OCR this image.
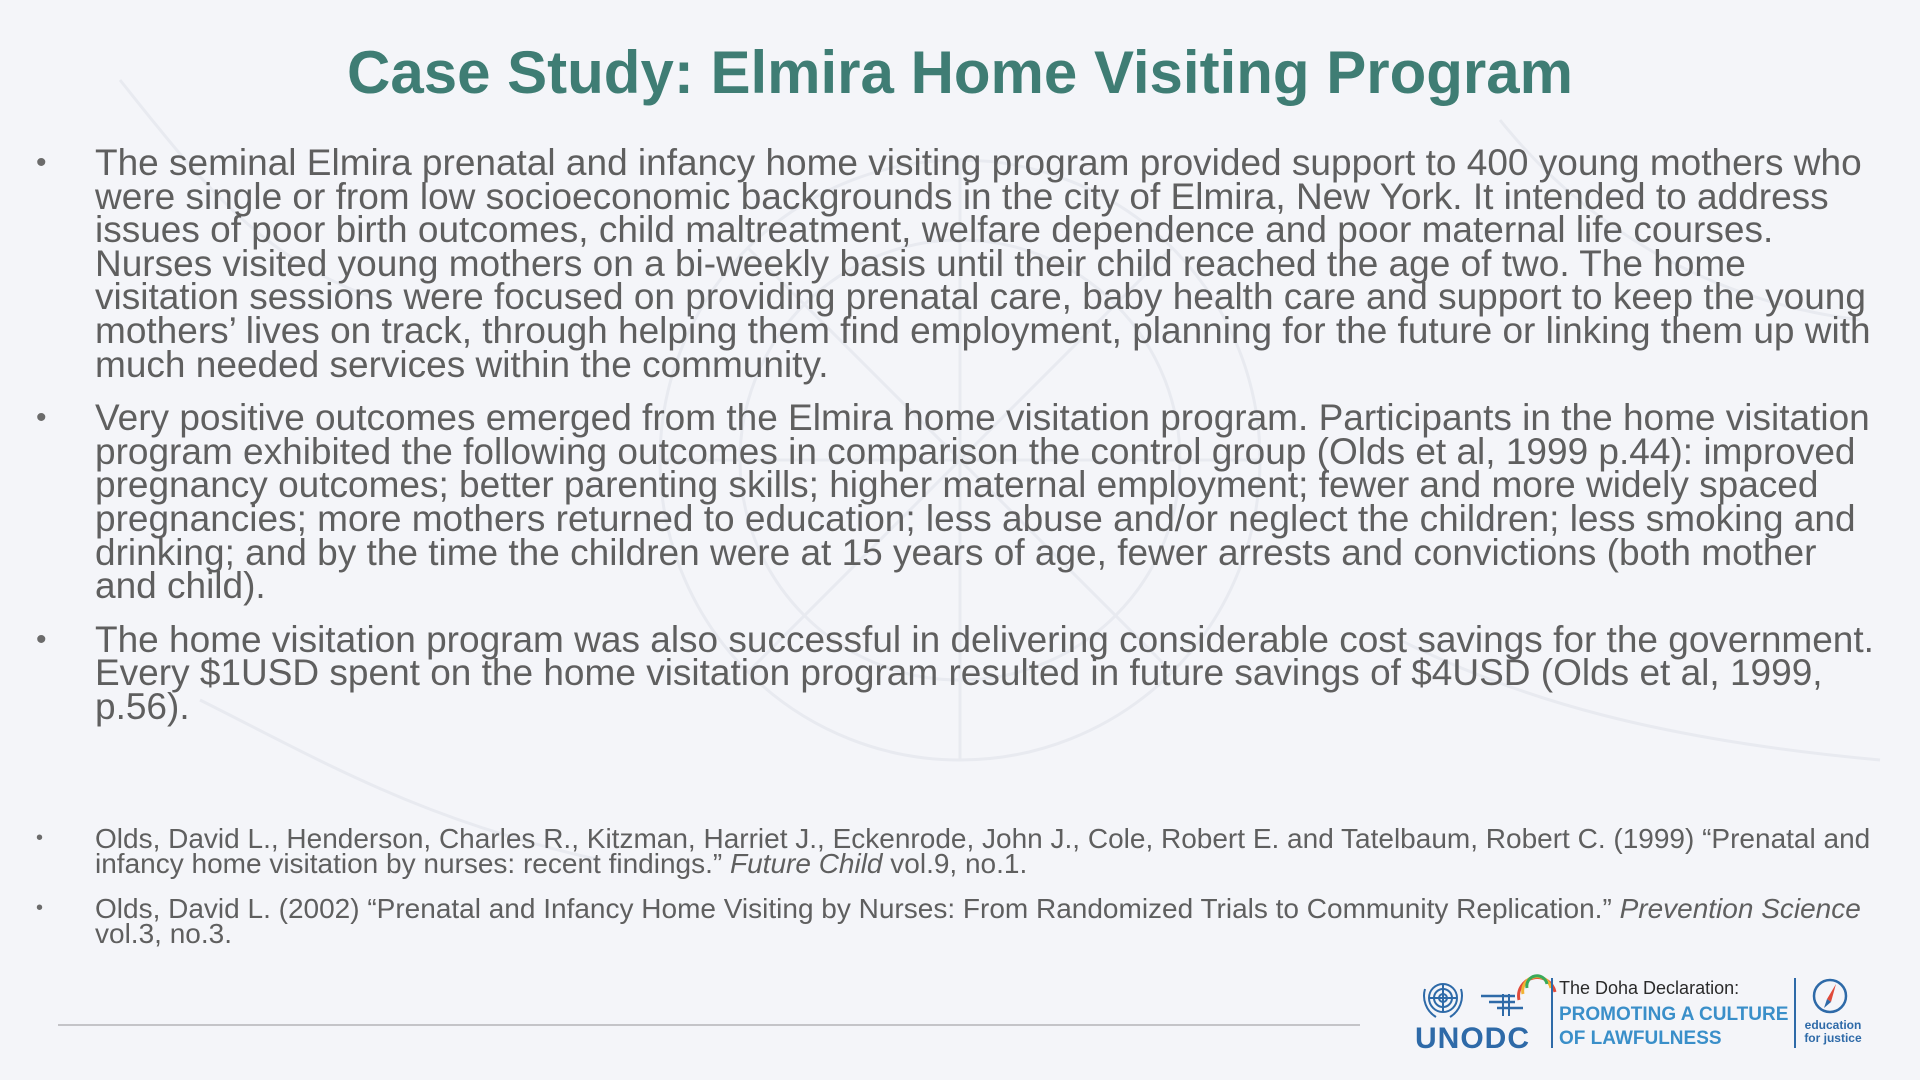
Case Study: Elmira Home Visiting Program
• The seminal Elmira prenatal and infancy home visiting program provided support to 400 young mothers who were single or from low socioeconomic backgrounds in the city of Elmira, New York. It intended to address issues of poor birth outcomes, child maltreatment, welfare dependence and poor maternal life courses. Nurses visited young mothers on a bi-weekly basis until their child reached the age of two. The home visitation sessions were focused on providing prenatal care, baby health care and support to keep the young mothers’ lives on track, through helping them find employment, planning for the future or linking them up with much needed services within the community.
• Very positive outcomes emerged from the Elmira home visitation program. Participants in the home visitation program exhibited the following outcomes in comparison the control group (Olds et al, 1999 p.44): improved pregnancy outcomes; better parenting skills; higher maternal employment; fewer and more widely spaced pregnancies; more mothers returned to education; less abuse and/or neglect the children; less smoking and drinking; and by the time the children were at 15 years of age, fewer arrests and convictions (both mother and child).
• The home visitation program was also successful in delivering considerable cost savings for the government. Every $1USD spent on the home visitation program resulted in future savings of $4USD (Olds et al, 1999, p.56).
• Olds, David L., Henderson, Charles R., Kitzman, Harriet J., Eckenrode, John J., Cole, Robert E. and Tatelbaum, Robert C. (1999) “Prenatal and infancy home visitation by nurses: recent findings.” Future Child vol.9, no.1.
• Olds, David L. (2002) “Prenatal and Infancy Home Visiting by Nurses: From Randomized Trials to Community Replication.” Prevention Science vol.3, no.3.
UNODC
The Doha Declaration:
PROMOTING A CULTURE
OF LAWFULNESS
education
for justice
